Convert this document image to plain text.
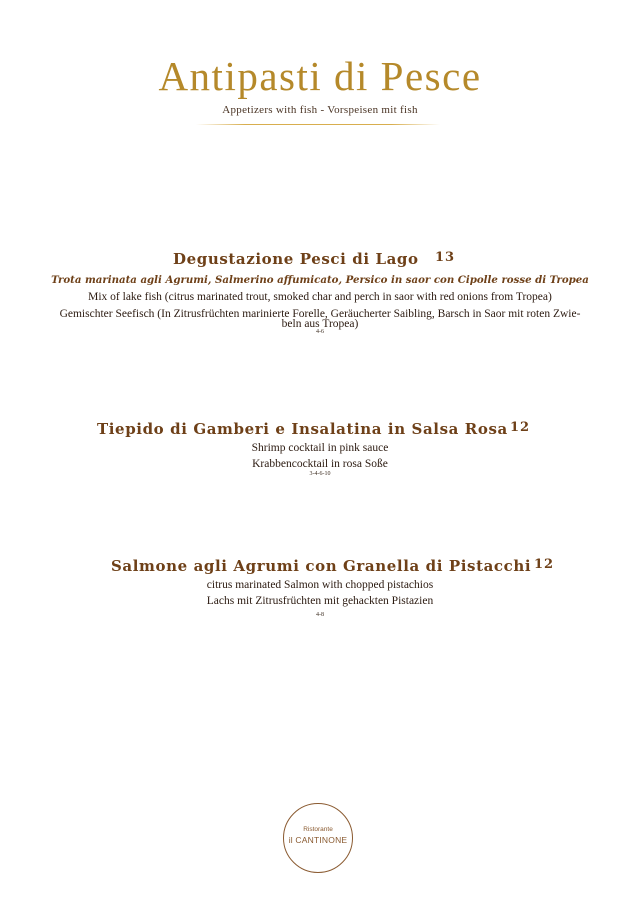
Antipasti di Pesce
Appetizers with fish - Vorspeisen mit fish
Degustazione Pesci di Lago 13
Trota marinata agli Agrumi, Salmerino affumicato, Persico in saor con Cipolle rosse di Tropea
Mix of lake fish (citrus marinated trout, smoked char and perch in saor with red onions from Tropea)
Gemischter Seefisch (In Zitrusfrüchten marinierte Forelle, Geräucherter Saibling, Barsch in Saor mit roten Zwie-
beln aus Tropea)
4-6
Tiepido di Gamberi e Insalatina in Salsa Rosa 12
Shrimp cocktail in pink sauce
Krabbencocktail in rosa Soße
3-4-6-10
Salmone agli Agrumi con Granella di Pistacchi 12
citrus marinated Salmon with chopped pistachios
Lachs mit Zitrusfrüchten mit gehackten Pistazien
4-8
Ristorante
il CANTINONE
